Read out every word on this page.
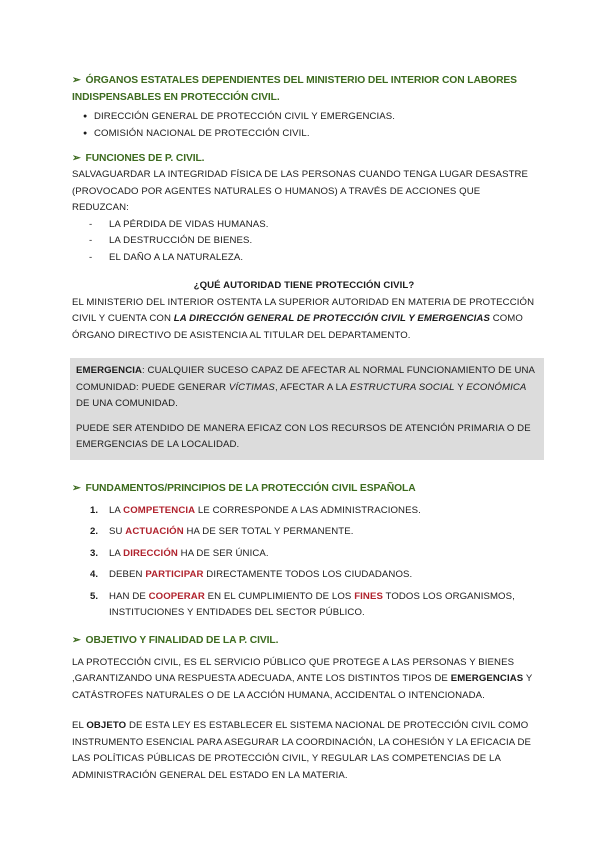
➢ ÓRGANOS ESTATALES DEPENDIENTES DEL MINISTERIO DEL INTERIOR CON LABORES INDISPENSABLES EN PROTECCIÓN CIVIL.
● DIRECCIÓN GENERAL DE PROTECCIÓN CIVIL Y EMERGENCIAS.
● COMISIÓN NACIONAL DE PROTECCIÓN CIVIL.
➢ FUNCIONES DE P. CIVIL.

SALVAGUARDAR LA INTEGRIDAD FÍSICA DE LAS PERSONAS CUANDO TENGA LUGAR DESASTRE (PROVOCADO POR AGENTES NATURALES O HUMANOS) A TRAVÉS DE ACCIONES QUE REDUZCAN:

- LA PÉRDIDA DE VIDAS HUMANAS.
- LA DESTRUCCIÓN DE BIENES.
- EL DAÑO A LA NATURALEZA.

¿QUÉ AUTORIDAD TIENE PROTECCIÓN CIVIL?

EL MINISTERIO DEL INTERIOR OSTENTA LA SUPERIOR AUTORIDAD EN MATERIA DE PROTECCIÓN CIVIL Y CUENTA CON LA DIRECCIÓN GENERAL DE PROTECCIÓN CIVIL Y EMERGENCIAS COMO ÓRGANO DIRECTIVO DE ASISTENCIA AL TITULAR DEL DEPARTAMENTO.

EMERGENCIA: CUALQUIER SUCESO CAPAZ DE AFECTAR AL NORMAL FUNCIONAMIENTO DE UNA COMUNIDAD: PUEDE GENERAR VÍCTIMAS, AFECTAR A LA ESTRUCTURA SOCIAL Y ECONÓMICA DE UNA COMUNIDAD.

PUEDE SER ATENDIDO DE MANERA EFICAZ CON LOS RECURSOS DE ATENCIÓN PRIMARIA O DE EMERGENCIAS DE LA LOCALIDAD.

➢ FUNDAMENTOS/PRINCIPIOS DE LA PROTECCIÓN CIVIL ESPAÑOLA
1. LA COMPETENCIA LE CORRESPONDE A LAS ADMINISTRACIONES.
2. SU ACTUACIÓN HA DE SER TOTAL Y PERMANENTE.
3. LA DIRECCIÓN HA DE SER ÚNICA.
4. DEBEN PARTICIPAR DIRECTAMENTE TODOS LOS CIUDADANOS.
5. HAN DE COOPERAR EN EL CUMPLIMIENTO DE LOS FINES TODOS LOS ORGANISMOS, INSTITUCIONES Y ENTIDADES DEL SECTOR PÚBLICO.
➢ OBJETIVO Y FINALIDAD DE LA P. CIVIL.

LA PROTECCIÓN CIVIL, ES EL SERVICIO PÚBLICO QUE PROTEGE A LAS PERSONAS Y BIENES ,GARANTIZANDO UNA RESPUESTA ADECUADA, ANTE LOS DISTINTOS TIPOS DE EMERGENCIAS Y CATÁSTROFES NATURALES O DE LA ACCIÓN HUMANA, ACCIDENTAL O INTENCIONADA.

EL OBJETO DE ESTA LEY ES ESTABLECER EL SISTEMA NACIONAL DE PROTECCIÓN CIVIL COMO INSTRUMENTO ESENCIAL PARA ASEGURAR LA COORDINACIÓN, LA COHESIÓN Y LA EFICACIA DE LAS POLÍTICAS PÚBLICAS DE PROTECCIÓN CIVIL, Y REGULAR LAS COMPETENCIAS DE LA ADMINISTRACIÓN GENERAL DEL ESTADO EN LA MATERIA.
